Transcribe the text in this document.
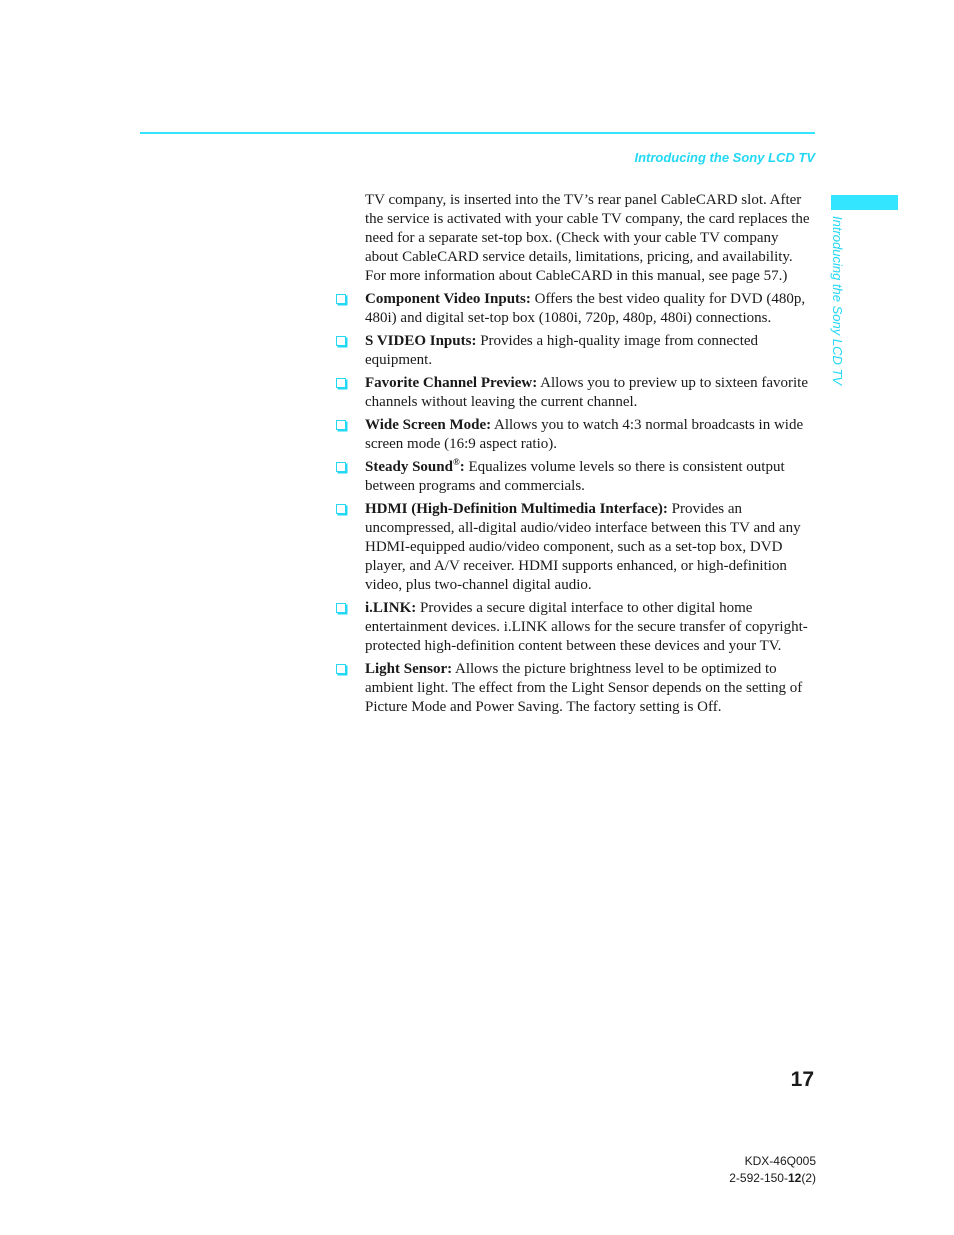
Introducing the Sony LCD TV
Introducing the Sony LCD TV

TV company, is inserted into the TV’s rear panel CableCARD slot. After the service is activated with your cable TV company, the card replaces the need for a separate set-top box. (Check with your cable TV company about CableCARD service details, limitations, pricing, and availability. For more information about CableCARD in this manual, see page 57.)

Component Video Inputs: Offers the best video quality for DVD (480p, 480i) and digital set-top box (1080i, 720p, 480p, 480i) connections.
S VIDEO Inputs: Provides a high-quality image from connected equipment.
Favorite Channel Preview: Allows you to preview up to sixteen favorite channels without leaving the current channel.
Wide Screen Mode: Allows you to watch 4:3 normal broadcasts in wide screen mode (16:9 aspect ratio).
Steady Sound®: Equalizes volume levels so there is consistent output between programs and commercials.
HDMI (High-Definition Multimedia Interface): Provides an uncompressed, all-digital audio/video interface between this TV and any HDMI-equipped audio/video component, such as a set-top box, DVD player, and A/V receiver. HDMI supports enhanced, or high-definition video, plus two-channel digital audio.
i.LINK: Provides a secure digital interface to other digital home entertainment devices. i.LINK allows for the secure transfer of copyright-protected high-definition content between these devices and your TV.
Light Sensor: Allows the picture brightness level to be optimized to ambient light. The effect from the Light Sensor depends on the setting of Picture Mode and Power Saving. The factory setting is Off.
17
KDX-46Q005
2-592-150-12(2)
